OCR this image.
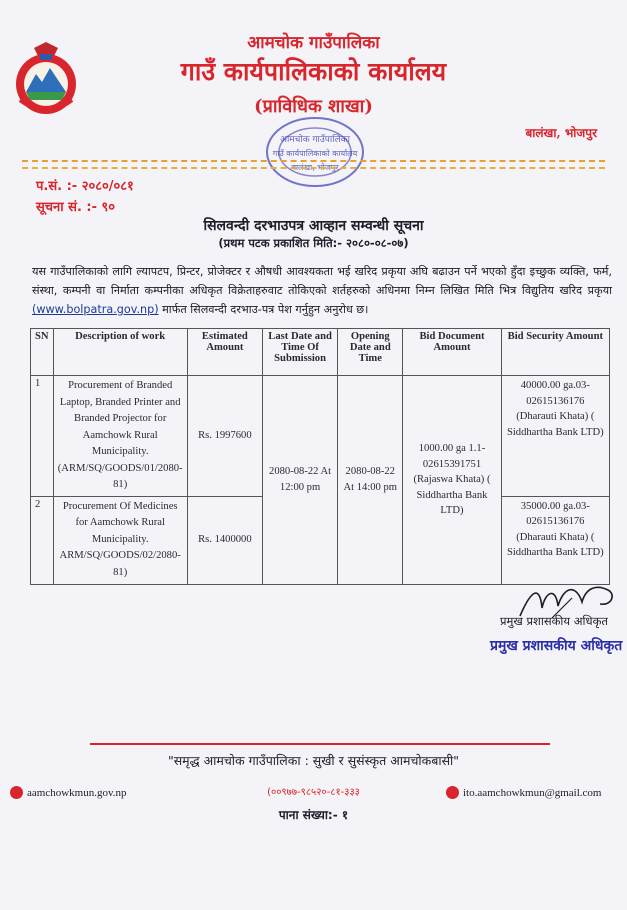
आमचोक गाउँपालिका
गाउँ कार्यपालिकाको कार्यालय
(प्राविधिक शाखा)
बालंखा, भोजपुर
आमचोक गाउँपालिका
गाउँ कार्यपालिकाको कार्यालय
बालंखा, भोजपुर
प.सं. :- २०८०/०८१
सूचना सं. :- ९०
सिलवन्दी दरभाउपत्र आव्हान सम्वन्धी सूचना
(प्रथम पटक प्रकाशित मिति:- २०८०-०८-०७)
यस गाउँपालिकाको लागि ल्यापटप, प्रिन्टर, प्रोजेक्टर र औषधी आवश्यकता भई खरिद प्रकृया अघि बढाउन पर्ने भएको हुँदा इच्छुक व्यक्ति, फर्म, संस्था, कम्पनी वा निर्माता कम्पनीका अधिकृत विक्रेताहरुवाट तोकिएको शर्तहरुको अधिनमा निम्न लिखित मिति भित्र विद्युतिय खरिद प्रकृया (www.bolpatra.gov.np) मार्फत सिलवन्दी दरभाउ-पत्र पेश गर्नुहुन अनुरोध छ।
SN	Description of work	Estimated Amount	Last Date and Time Of Submission	Opening Date and Time	Bid Document Amount	Bid Security Amount
1	Procurement of Branded Laptop, Branded Printer and Branded Projector for Aamchowk Rural Municipality. (ARM/SQ/GOODS/01/2080-81)	Rs. 1997600	2080-08-22 At 12:00 pm	2080-08-22 At 14:00 pm	1000.00 ga 1.1-02615391751 (Rajaswa Khata) ( Siddhartha Bank LTD)	40000.00 ga.03-02615136176 (Dharauti Khata) ( Siddhartha Bank LTD)
2	Procurement Of Medicines for Aamchowk Rural Municipality. ARM/SQ/GOODS/02/2080-81)	Rs. 1400000				35000.00 ga.03-02615136176 (Dharauti Khata) ( Siddhartha Bank LTD)
प्रमुख प्रशासकीय अधिकृत
प्रमुख प्रशासकीय अधिकृत
"समृद्ध आमचोक गाउँपालिका : सुखी र सुसंस्कृत आमचोकबासी"
aamchowkmun.gov.np	(००९७७-९८५२०-८१-३३३	ito.aamchowkmun@gmail.com
पाना संख्या:- १
